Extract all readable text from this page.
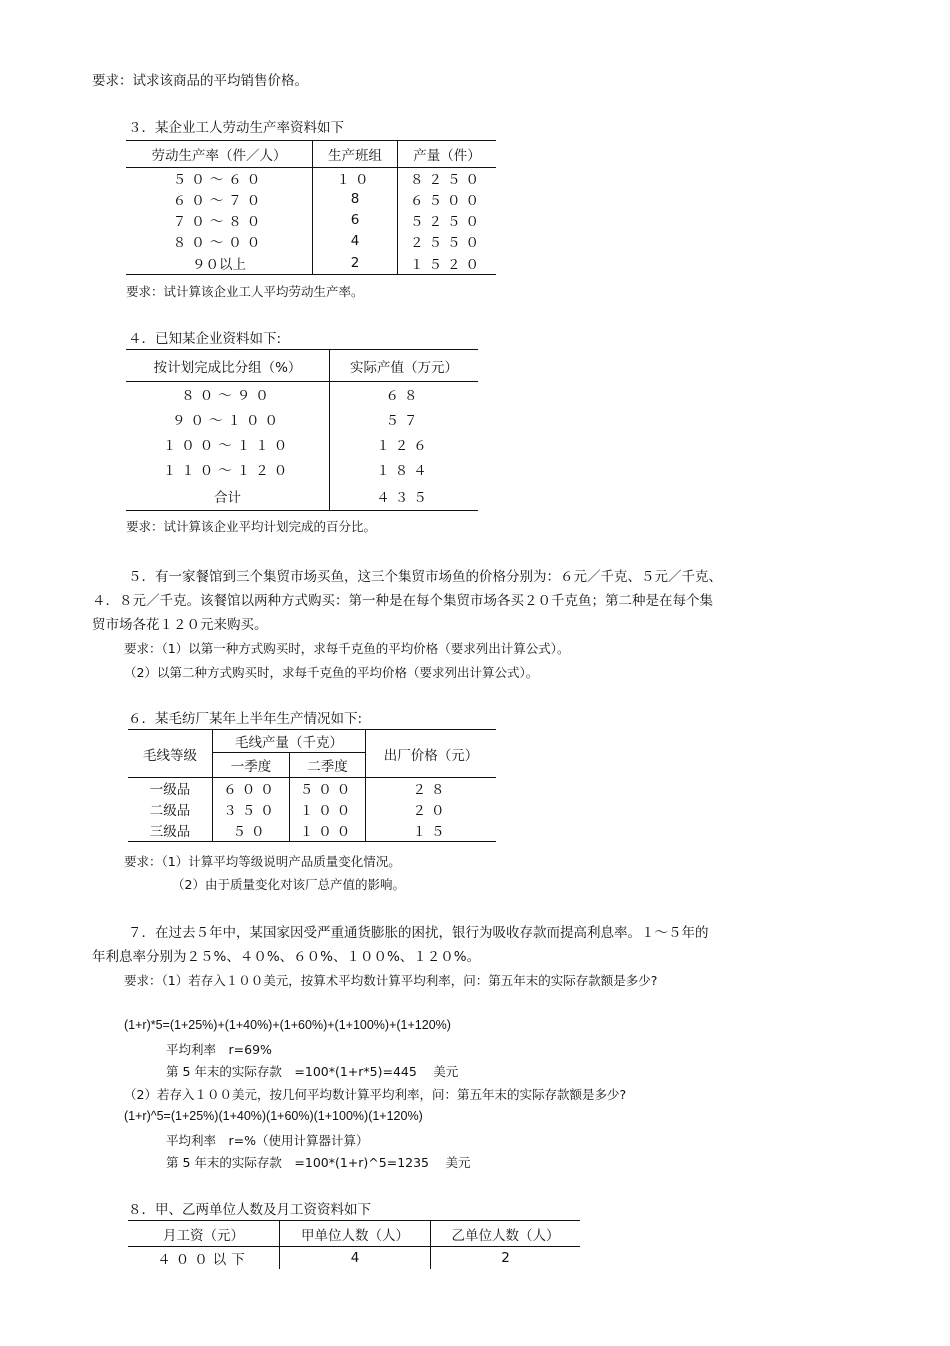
要求：试求该商品的平均销售价格。
３．某企业工人劳动生产率资料如下
劳动生产率（件／人）	生产班组	产量（件）
５０～６０	１０	８２５０
６０～７０	8	６５００
７０～８０	6	５２５０
８０～００	4	２５５０
９０以上	2	１５２０
要求：试计算该企业工人平均劳动生产率。
４．已知某企业资料如下:
按计划完成比分组（%）	实际产值（万元）
８０～９０	６８
９０～１００	５７
１００～１１０	１２６
１１０～１２０	１８４
合计	４３５
要求：试计算该企业平均计划完成的百分比。
５．有一家餐馆到三个集贸市场买鱼，这三个集贸市场鱼的价格分别为：６元／千克、５元／千克、
４．８元／千克。该餐馆以两种方式购买：第一种是在每个集贸市场各买２０千克鱼；第二种是在每个集
贸市场各花１２０元来购买。
要求：（1）以第一种方式购买时，求每千克鱼的平均价格（要求列出计算公式）。
（2）以第二种方式购买时，求每千克鱼的平均价格（要求列出计算公式）。
６．某毛纺厂某年上半年生产情况如下:
毛线等级	毛线产量（千克）		出厂价格（元）
	一季度	二季度	
一级品	６００	５００	２８
二级品	３５０	１００	２０
三级品	５０	１００	１５
要求：（1）计算平均等级说明产品质量变化情况。
（2）由于质量变化对该厂总产值的影响。
７．在过去５年中，某国家因受严重通货膨胀的困扰，银行为吸收存款而提高利息率。１～５年的
年利息率分别为２５%、４０%、６０%、１００%、１２０%。
要求：（1）若存入１００美元，按算术平均数计算平均利率，问：第五年末的实际存款额是多少?
(1+r)*5=(1+25%)+(1+40%)+(1+60%)+(1+100%)+(1+120%)
平均利率　r=69%
第 5 年末的实际存款　=100*(1+r*5)=445　 美元
（2）若存入１００美元，按几何平均数计算平均利率，问：第五年末的实际存款额是多少?
(1+r)^5=(1+25%)(1+40%)(1+60%)(1+100%)(1+120%)
平均利率　r=%（使用计算器计算）
第 5 年末的实际存款　=100*(1+r)^5=1235　 美元
８．甲、乙两单位人数及月工资资料如下
月工资（元）	甲单位人数（人）	乙单位人数（人）
４００以下	4	2
